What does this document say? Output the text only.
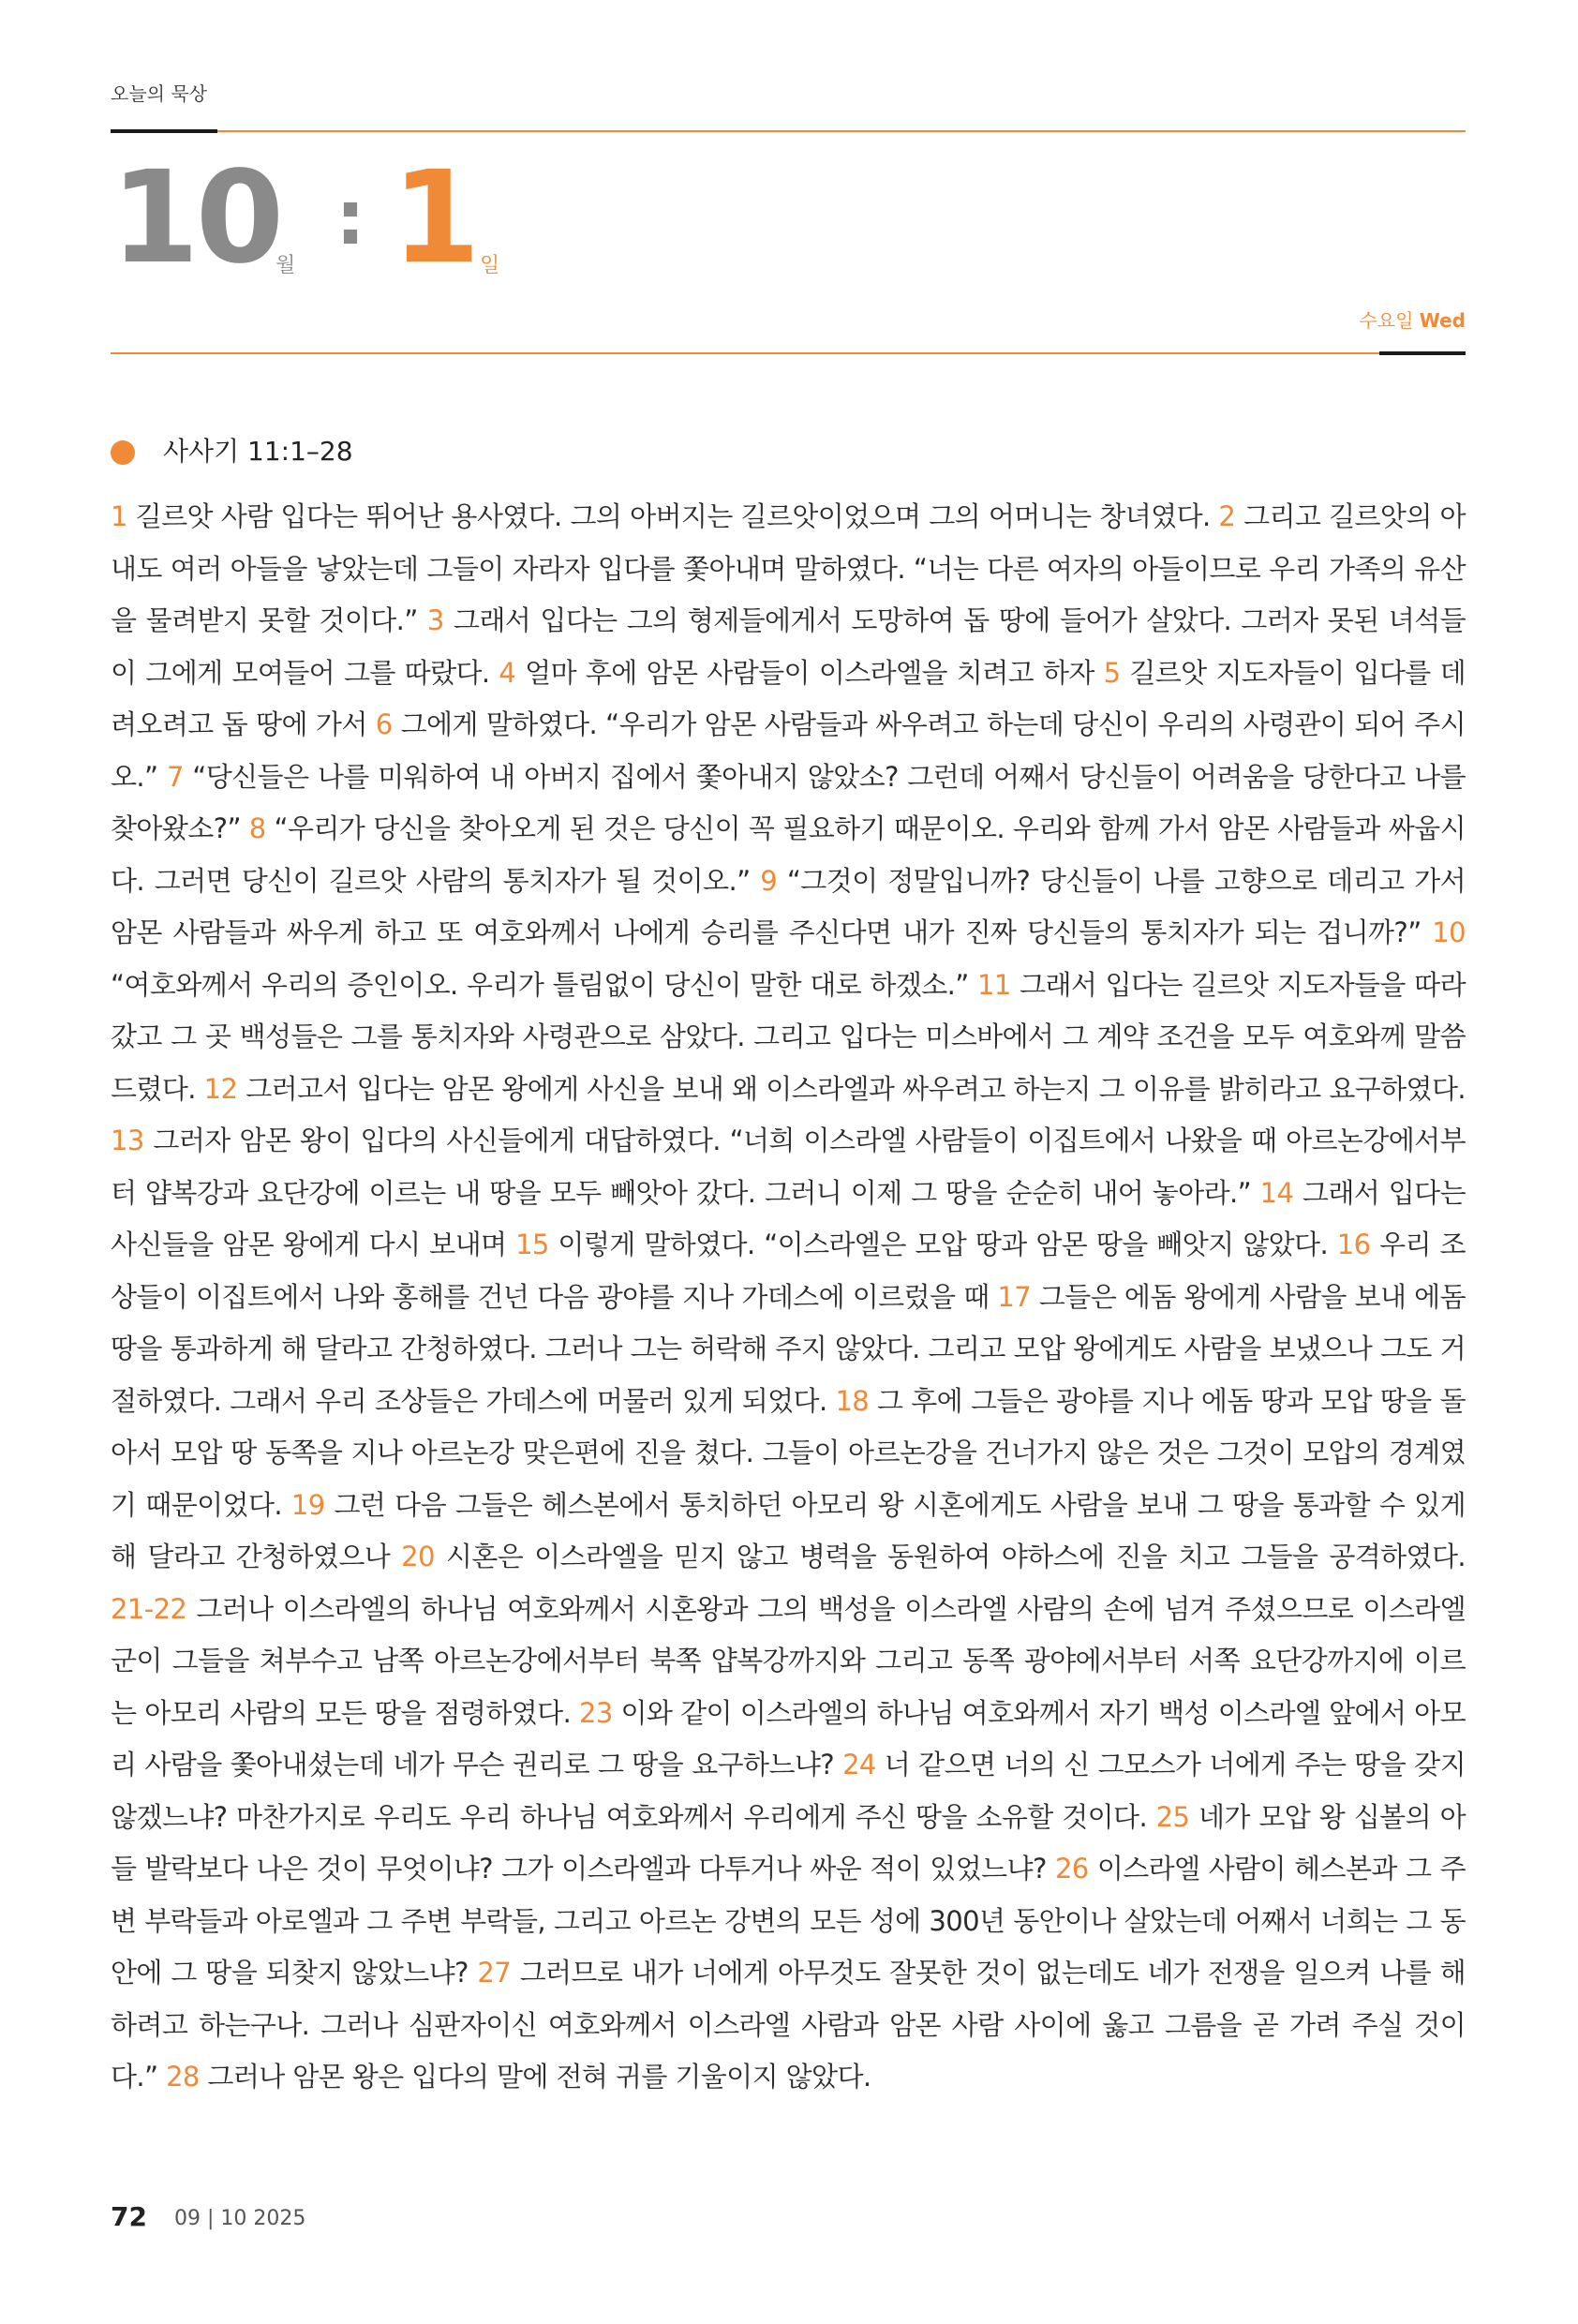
오늘의 묵상
10
월
: 1 일
수요일 Wed
사사기 11:1–28
1 길르앗 사람 입다는 뛰어난 용사였다. 그의 아버지는 길르앗이었으며 그의 어머니는 창녀였다. 2 그리고 길르앗의 아내도 여러 아들을 낳았는데 그들이 자라자 입다를 쫓아내며 말하였다. “너는 다른 여자의 아들이므로 우리 가족의 유산을 물려받지 못할 것이다.” 3 그래서 입다는 그의 형제들에게서 도망하여 돕 땅에 들어가 살았다. 그러자 못된 녀석들이 그에게 모여들어 그를 따랐다. 4 얼마 후에 암몬 사람들이 이스라엘을 치려고 하자 5 길르앗 지도자들이 입다를 데려오려고 돕 땅에 가서 6 그에게 말하였다. “우리가 암몬 사람들과 싸우려고 하는데 당신이 우리의 사령관이 되어 주시오.” 7 “당신들은 나를 미워하여 내 아버지 집에서 쫓아내지 않았소? 그런데 어째서 당신들이 어려움을 당한다고 나를 찾아왔소?” 8 “우리가 당신을 찾아오게 된 것은 당신이 꼭 필요하기 때문이오. 우리와 함께 가서 암몬 사람들과 싸웁시다. 그러면 당신이 길르앗 사람의 통치자가 될 것이오.” 9 “그것이 정말입니까? 당신들이 나를 고향으로 데리고 가서 암몬 사람들과 싸우게 하고 또 여호와께서 나에게 승리를 주신다면 내가 진짜 당신들의 통치자가 되는 겁니까?” 10 “여호와께서 우리의 증인이오. 우리가 틀림없이 당신이 말한 대로 하겠소.” 11 그래서 입다는 길르앗 지도자들을 따라갔고 그 곳 백성들은 그를 통치자와 사령관으로 삼았다. 그리고 입다는 미스바에서 그 계약 조건을 모두 여호와께 말씀드렸다. 12 그러고서 입다는 암몬 왕에게 사신을 보내 왜 이스라엘과 싸우려고 하는지 그 이유를 밝히라고 요구하였다. 13 그러자 암몬 왕이 입다의 사신들에게 대답하였다. “너희 이스라엘 사람들이 이집트에서 나왔을 때 아르논강에서부터 얍복강과 요단강에 이르는 내 땅을 모두 빼앗아 갔다. 그러니 이제 그 땅을 순순히 내어 놓아라.” 14 그래서 입다는 사신들을 암몬 왕에게 다시 보내며 15 이렇게 말하였다. “이스라엘은 모압 땅과 암몬 땅을 빼앗지 않았다. 16 우리 조상들이 이집트에서 나와 홍해를 건넌 다음 광야를 지나 가데스에 이르렀을 때 17 그들은 에돔 왕에게 사람을 보내 에돔 땅을 통과하게 해 달라고 간청하였다. 그러나 그는 허락해 주지 않았다. 그리고 모압 왕에게도 사람을 보냈으나 그도 거절하였다. 그래서 우리 조상들은 가데스에 머물러 있게 되었다. 18 그 후에 그들은 광야를 지나 에돔 땅과 모압 땅을 돌아서 모압 땅 동쪽을 지나 아르논강 맞은편에 진을 쳤다. 그들이 아르논강을 건너가지 않은 것은 그것이 모압의 경계였기 때문이었다. 19 그런 다음 그들은 헤스본에서 통치하던 아모리 왕 시혼에게도 사람을 보내 그 땅을 통과할 수 있게 해 달라고 간청하였으나 20 시혼은 이스라엘을 믿지 않고 병력을 동원하여 야하스에 진을 치고 그들을 공격하였다. 21-22 그러나 이스라엘의 하나님 여호와께서 시혼왕과 그의 백성을 이스라엘 사람의 손에 넘겨 주셨으므로 이스라엘군이 그들을 쳐부수고 남쪽 아르논강에서부터 북쪽 얍복강까지와 그리고 동쪽 광야에서부터 서쪽 요단강까지에 이르는 아모리 사람의 모든 땅을 점령하였다. 23 이와 같이 이스라엘의 하나님 여호와께서 자기 백성 이스라엘 앞에서 아모리 사람을 쫓아내셨는데 네가 무슨 권리로 그 땅을 요구하느냐? 24 너 같으면 너의 신 그모스가 너에게 주는 땅을 갖지 않겠느냐? 마찬가지로 우리도 우리 하나님 여호와께서 우리에게 주신 땅을 소유할 것이다. 25 네가 모압 왕 십볼의 아들 발락보다 나은 것이 무엇이냐? 그가 이스라엘과 다투거나 싸운 적이 있었느냐? 26 이스라엘 사람이 헤스본과 그 주변 부락들과 아로엘과 그 주변 부락들, 그리고 아르논 강변의 모든 성에 300년 동안이나 살았는데 어째서 너희는 그 동안에 그 땅을 되찾지 않았느냐? 27 그러므로 내가 너에게 아무것도 잘못한 것이 없는데도 네가 전쟁을 일으켜 나를 해하려고 하는구나. 그러나 심판자이신 여호와께서 이스라엘 사람과 암몬 사람 사이에 옳고 그름을 곧 가려 주실 것이다.” 28 그러나 암몬 왕은 입다의 말에 전혀 귀를 기울이지 않았다.
72 09 | 10 2025
